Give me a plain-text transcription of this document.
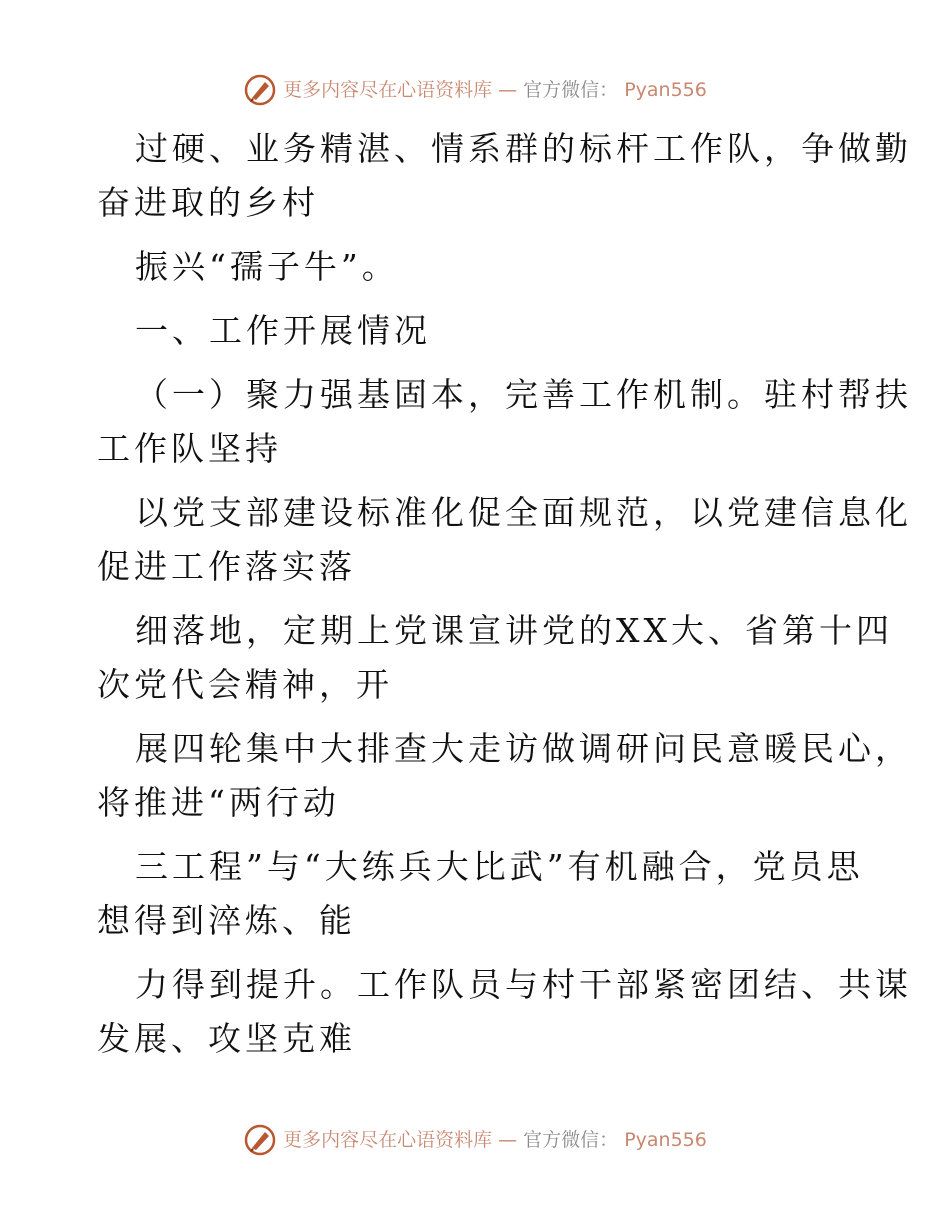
更多内容尽在心语资料库 — 官方微信： Pyan556
过硬、业务精湛、情系群的标杆工作队，争做勤
奋进取的乡村
振兴“孺子牛”。
一、工作开展情况
（一）聚力强基固本，完善工作机制。驻村帮扶
工作队坚持
以党支部建设标准化促全面规范，以党建信息化
促进工作落实落
细落地，定期上党课宣讲党的XX大、省第十四
次党代会精神，开
展四轮集中大排查大走访做调研问民意暖民心，
将推进“两行动
三工程”与“大练兵大比武”有机融合，党员思
想得到淬炼、能
力得到提升。工作队员与村干部紧密团结、共谋
发展、攻坚克难
更多内容尽在心语资料库 — 官方微信： Pyan556
